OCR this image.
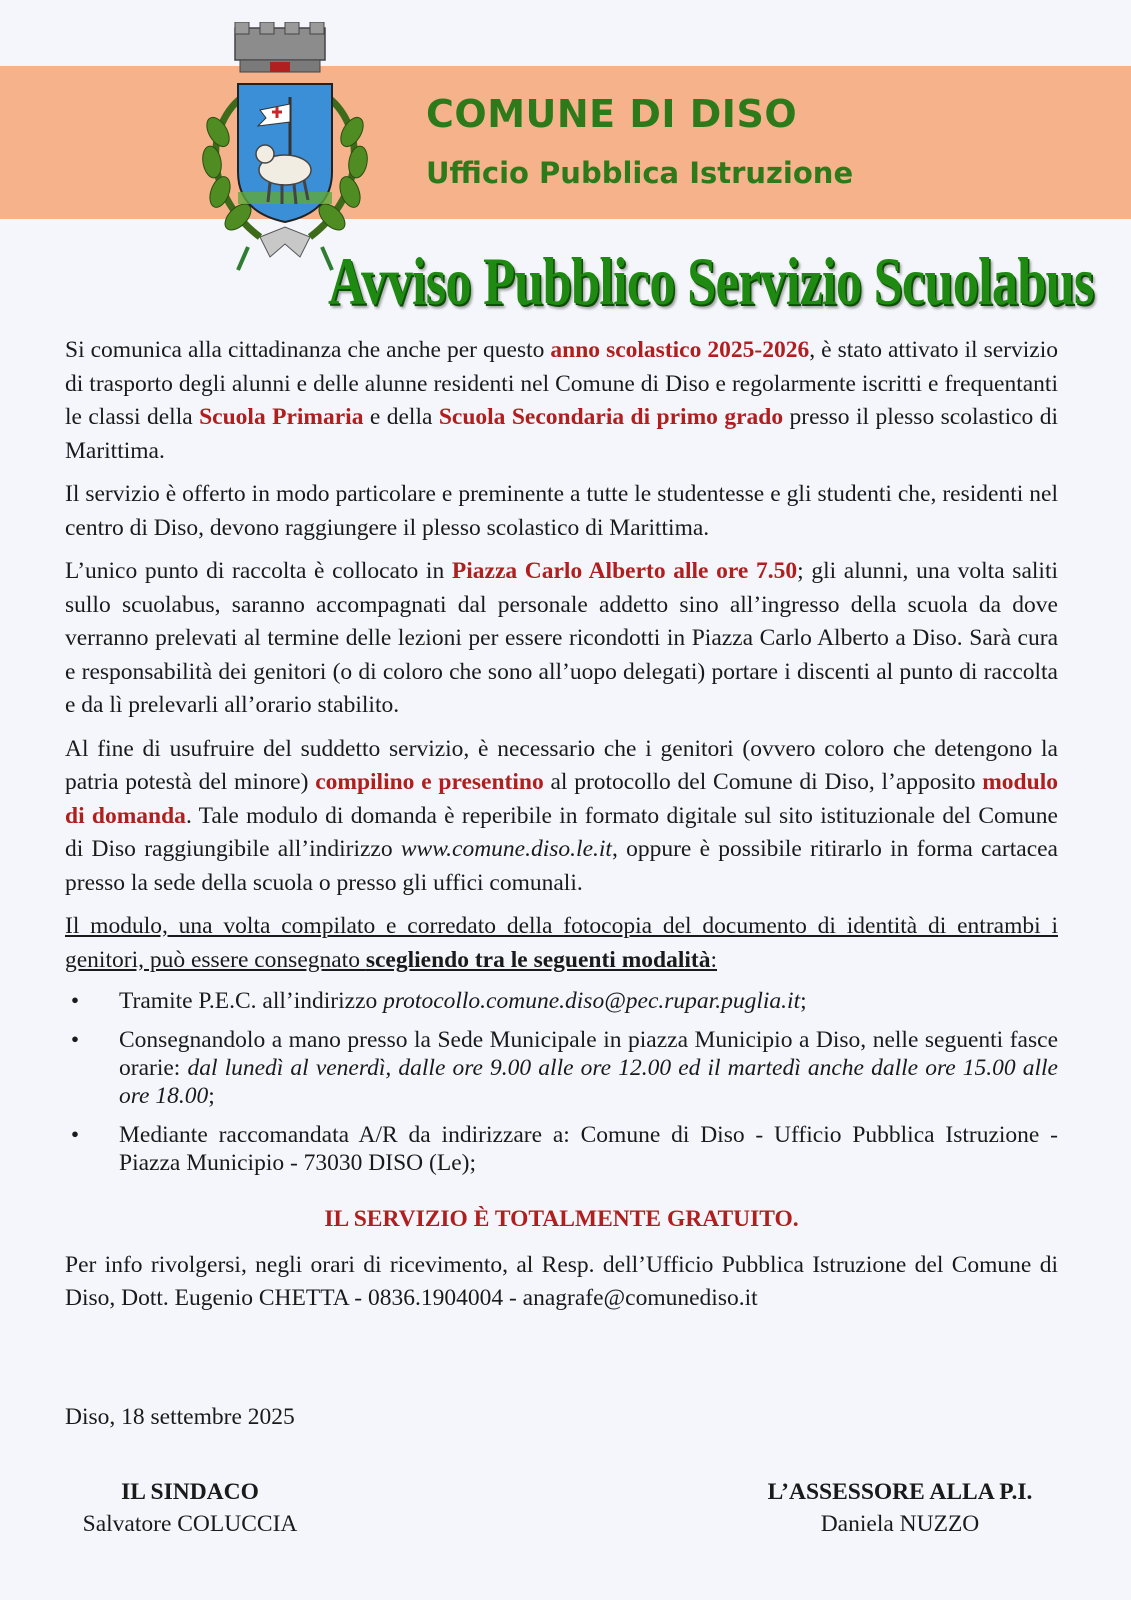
COMUNE DI DISO
Ufficio Pubblica Istruzione
Avviso Pubblico Servizio Scuolabus

Si comunica alla cittadinanza che anche per questo anno scolastico 2025-2026, è stato attivato il servizio di trasporto degli alunni e delle alunne residenti nel Comune di Diso e regolarmente iscritti e frequentanti le classi della Scuola Primaria e della Scuola Secondaria di primo grado presso il plesso scolastico di Marittima.

Il servizio è offerto in modo particolare e preminente a tutte le studentesse e gli studenti che, residenti nel centro di Diso, devono raggiungere il plesso scolastico di Marittima.

L’unico punto di raccolta è collocato in Piazza Carlo Alberto alle ore 7.50; gli alunni, una volta saliti sullo scuolabus, saranno accompagnati dal personale addetto sino all’ingresso della scuola da dove verranno prelevati al termine delle lezioni per essere ricondotti in Piazza Carlo Alberto a Diso. Sarà cura e responsabilità dei genitori (o di coloro che sono all’uopo delegati) portare i discenti al punto di raccolta e da lì prelevarli all’orario stabilito.

Al fine di usufruire del suddetto servizio, è necessario che i genitori (ovvero coloro che detengono la patria potestà del minore) compilino e presentino al protocollo del Comune di Diso, l’apposito modulo di domanda. Tale modulo di domanda è reperibile in formato digitale sul sito istituzionale del Comune di Diso raggiungibile all’indirizzo www.comune.diso.le.it, oppure è possibile ritirarlo in forma cartacea presso la sede della scuola o presso gli uffici comunali.

Il modulo, una volta compilato e corredato della fotocopia del documento di identità di entrambi i genitori, può essere consegnato scegliendo tra le seguenti modalità:

• Tramite P.E.C. all’indirizzo protocollo.comune.diso@pec.rupar.puglia.it;
• Consegnandolo a mano presso la Sede Municipale in piazza Municipio a Diso, nelle seguenti fasce orarie: dal lunedì al venerdì, dalle ore 9.00 alle ore 12.00 ed il martedì anche dalle ore 15.00 alle ore 18.00;
• Mediante raccomandata A/R da indirizzare a: Comune di Diso - Ufficio Pubblica Istruzione - Piazza Municipio - 73030 DISO (Le);
IL SERVIZIO È TOTALMENTE GRATUITO.

Per info rivolgersi, negli orari di ricevimento, al Resp. dell’Ufficio Pubblica Istruzione del Comune di Diso, Dott. Eugenio CHETTA - 0836.1904004 - anagrafe@comunediso.it

Diso, 18 settembre 2025
IL SINDACO
Salvatore COLUCCIA
L’ASSESSORE ALLA P.I.
Daniela NUZZO
